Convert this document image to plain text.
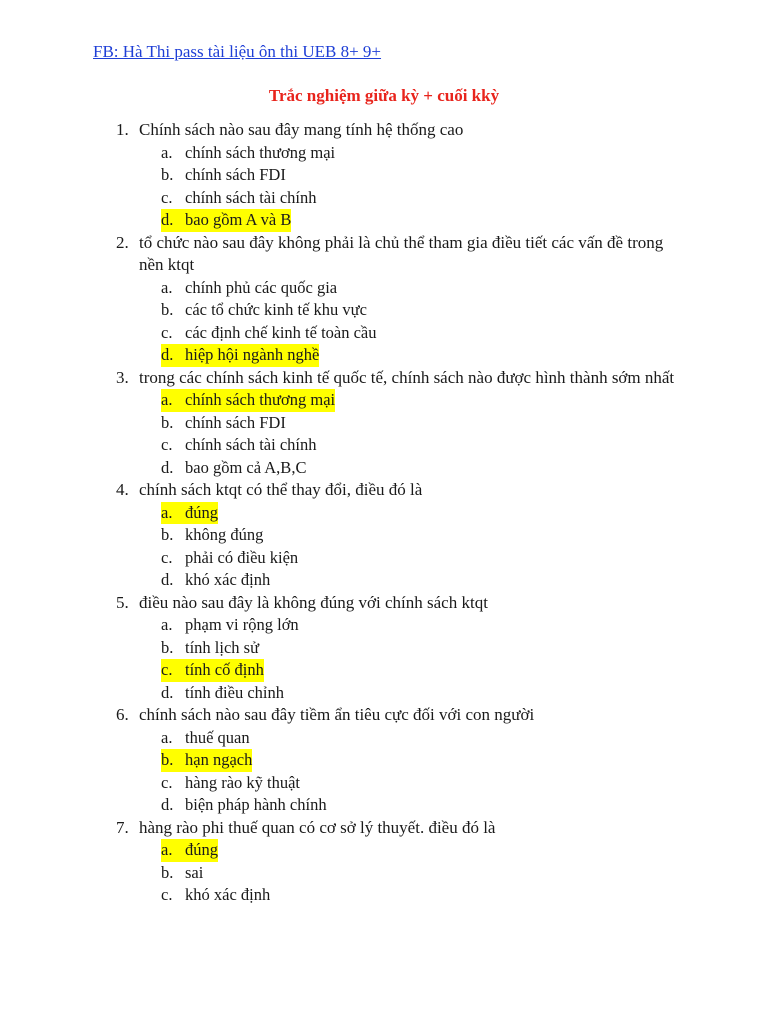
FB: Hà Thi pass tài liệu ôn thi UEB 8+ 9+
Trắc nghiệm giữa kỳ + cuối kkỳ
1. Chính sách nào sau đây mang tính hệ thống cao
a. chính sách thương mại
b. chính sách FDI
c. chính sách tài chính
d. bao gồm A và B
2. tổ chức nào sau đây không phải là chủ thể tham gia điều tiết các vấn đề trong nền ktqt
a. chính phủ các quốc gia
b. các tổ chức kinh tế khu vực
c. các định chế kinh tế toàn cầu
d. hiệp hội ngành nghề
3. trong các chính sách kinh tế quốc tế, chính sách nào được hình thành sớm nhất
a. chính sách thương mại
b. chính sách FDI
c. chính sách tài chính
d. bao gồm cả A,B,C
4. chính sách ktqt có thể thay đổi, điều đó là
a. đúng
b. không đúng
c. phải có điều kiện
d. khó xác định
5. điều nào sau đây là không đúng với chính sách ktqt
a. phạm vi rộng lớn
b. tính lịch sử
c. tính cố định
d. tính điều chỉnh
6. chính sách nào sau đây tiềm ẩn tiêu cực đối với con người
a. thuế quan
b. hạn ngạch
c. hàng rào kỹ thuật
d. biện pháp hành chính
7. hàng rào phi thuế quan có cơ sở lý thuyết. điều đó là
a. đúng
b. sai
c. khó xác định
